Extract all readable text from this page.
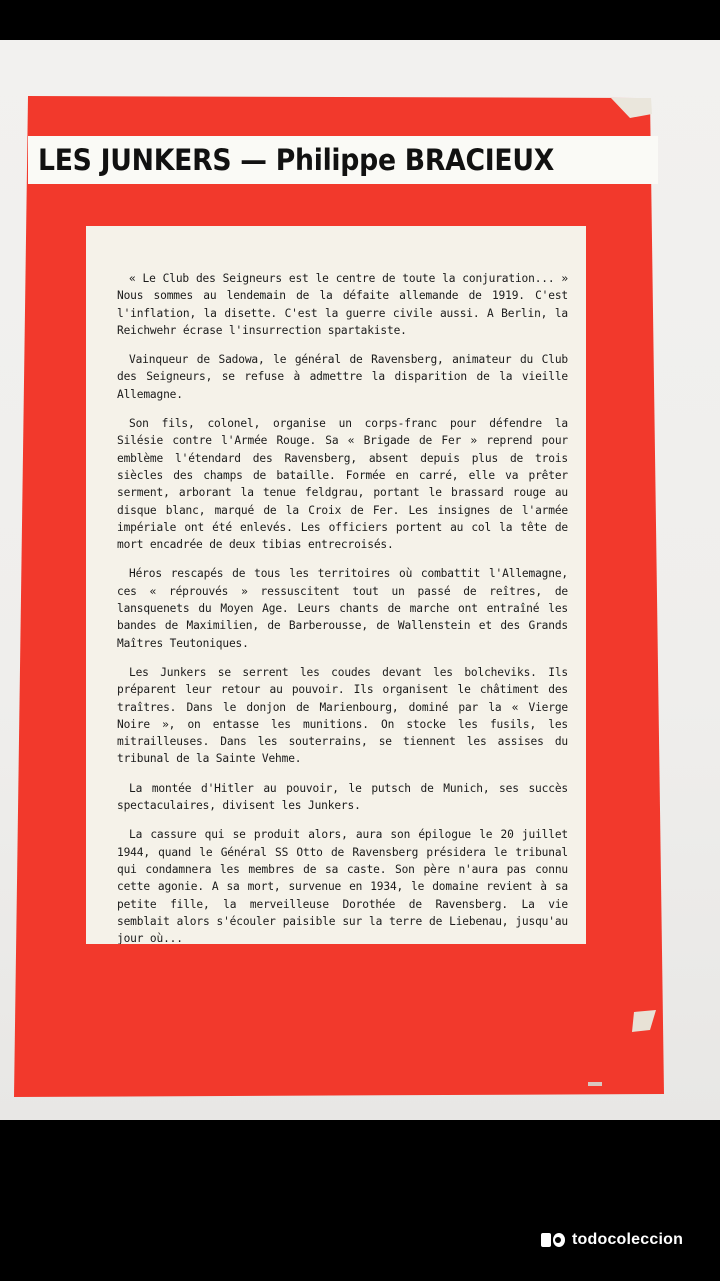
LES JUNKERS — Philippe BRACIEUX

« Le Club des Seigneurs est le centre de toute la conjuration... » Nous sommes au lendemain de la défaite allemande de 1919. C'est l'inflation, la disette. C'est la guerre civile aussi. A Berlin, la Reichwehr écrase l'insurrection spartakiste.

Vainqueur de Sadowa, le général de Ravensberg, animateur du Club des Seigneurs, se refuse à admettre la disparition de la vieille Allemagne.

Son fils, colonel, organise un corps-franc pour défendre la Silésie contre l'Armée Rouge. Sa « Brigade de Fer » reprend pour emblème l'étendard des Ravensberg, absent depuis plus de trois siècles des champs de bataille. Formée en carré, elle va prêter serment, arborant la tenue feldgrau, portant le brassard rouge au disque blanc, marqué de la Croix de Fer. Les insignes de l'armée impériale ont été enlevés. Les officiers portent au col la tête de mort encadrée de deux tibias entrecroisés.

Héros rescapés de tous les territoires où combattit l'Allemagne, ces « réprouvés » ressuscitent tout un passé de reîtres, de lansquenets du Moyen Age. Leurs chants de marche ont entraîné les bandes de Maximilien, de Barberousse, de Wallenstein et des Grands Maîtres Teutoniques.

Les Junkers se serrent les coudes devant les bolcheviks. Ils préparent leur retour au pouvoir. Ils organisent le châtiment des traîtres. Dans le donjon de Marienbourg, dominé par la « Vierge Noire », on entasse les munitions. On stocke les fusils, les mitrailleuses. Dans les souterrains, se tiennent les assises du tribunal de la Sainte Vehme.

La montée d'Hitler au pouvoir, le putsch de Munich, ses succès spectaculaires, divisent les Junkers.

La cassure qui se produit alors, aura son épilogue le 20 juillet 1944, quand le Général SS Otto de Ravensberg présidera le tribunal qui condamnera les membres de sa caste. Son père n'aura pas connu cette agonie. A sa mort, survenue en 1934, le domaine revient à sa petite fille, la merveilleuse Dorothée de Ravensberg. La vie semblait alors s'écouler paisible sur la terre de Liebenau, jusqu'au jour où...

todocoleccion
